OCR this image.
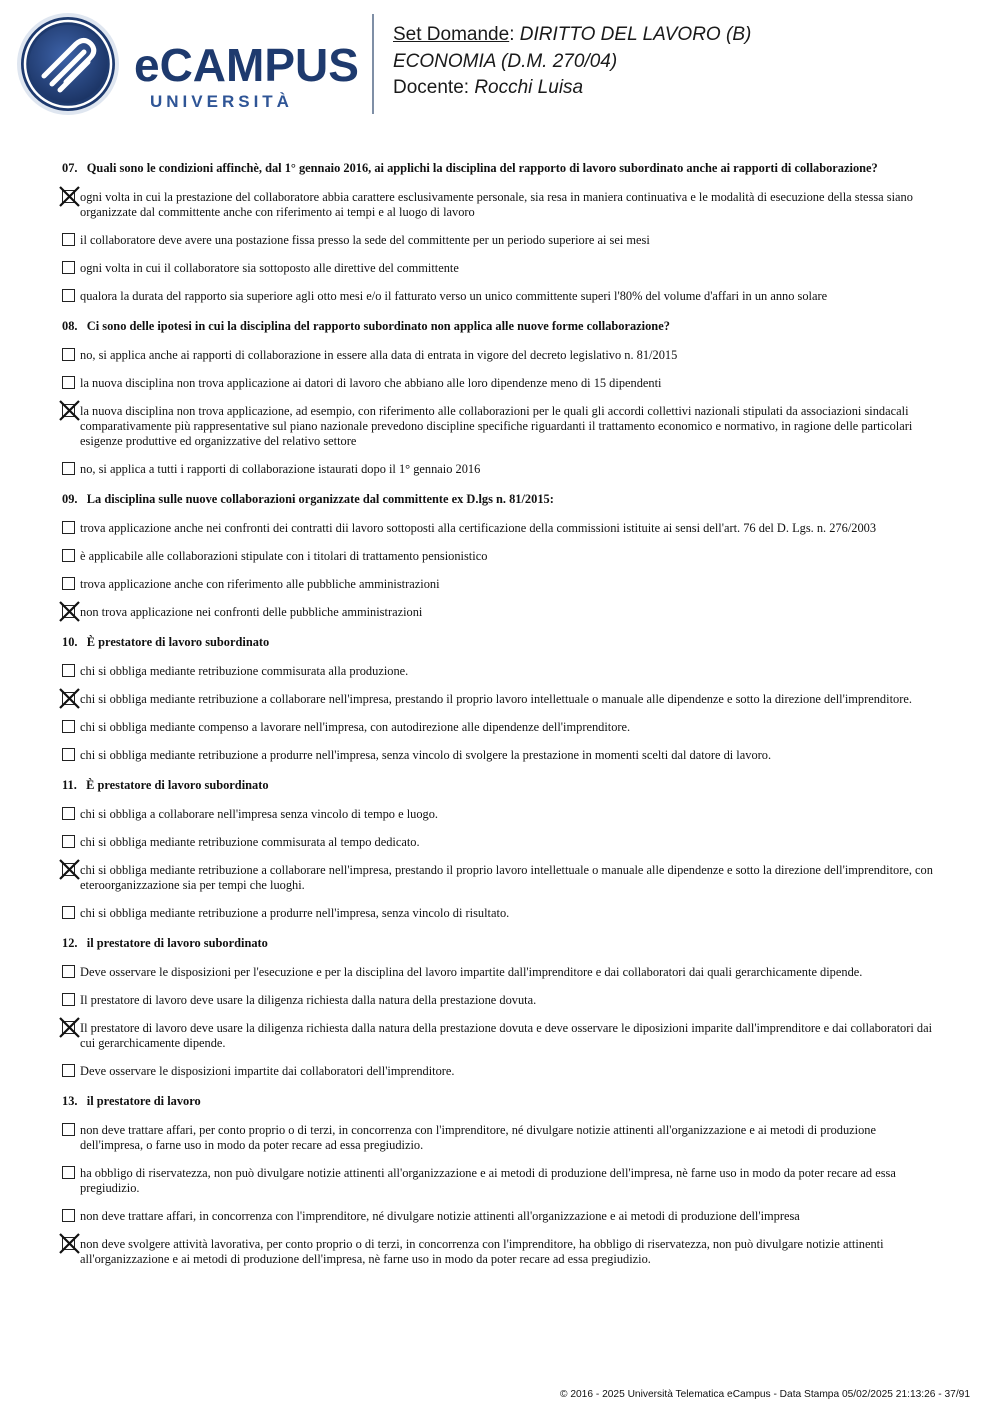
eCAMPUS
UNIVERSITÀ
Set Domande: DIRITTO DEL LAVORO (B)
ECONOMIA (D.M. 270/04)
Docente: Rocchi Luisa
07. Quali sono le condizioni affinchè, dal 1° gennaio 2016, ai applichi la disciplina del rapporto di lavoro subordinato anche ai rapporti di collaborazione?
ogni volta in cui la prestazione del collaboratore abbia carattere esclusivamente personale, sia resa in maniera continuativa e le modalità di esecuzione della stessa siano organizzate dal committente anche con riferimento ai tempi e al luogo di lavoro
il collaboratore deve avere una postazione fissa presso la sede del committente per un periodo superiore ai sei mesi
ogni volta in cui il collaboratore sia sottoposto alle direttive del committente
qualora la durata del rapporto sia superiore agli otto mesi e/o il fatturato verso un unico committente superi l'80% del volume d'affari in un anno solare
08. Ci sono delle ipotesi in cui la disciplina del rapporto subordinato non applica alle nuove forme collaborazione?
no, si applica anche ai rapporti di collaborazione in essere alla data di entrata in vigore del decreto legislativo n. 81/2015
la nuova disciplina non trova applicazione ai datori di lavoro che abbiano alle loro dipendenze meno di 15 dipendenti
la nuova disciplina non trova applicazione, ad esempio, con riferimento alle collaborazioni per le quali gli accordi collettivi nazionali stipulati da associazioni sindacali comparativamente più rappresentative sul piano nazionale prevedono discipline specifiche riguardanti il trattamento economico e normativo, in ragione delle particolari esigenze produttive ed organizzative del relativo settore
no, si applica a tutti i rapporti di collaborazione istaurati dopo il 1° gennaio 2016
09. La disciplina sulle nuove collaborazioni organizzate dal committente ex D.lgs n. 81/2015:
trova applicazione anche nei confronti dei contratti dii lavoro sottoposti alla certificazione della commissioni istituite ai sensi dell'art. 76 del D. Lgs. n. 276/2003
è applicabile alle collaborazioni stipulate con i titolari di trattamento pensionistico
trova applicazione anche con riferimento alle pubbliche amministrazioni
non trova applicazione nei confronti delle pubbliche amministrazioni
10. È prestatore di lavoro subordinato
chi si obbliga mediante retribuzione commisurata alla produzione.
chi si obbliga mediante retribuzione a collaborare nell'impresa, prestando il proprio lavoro intellettuale o manuale alle dipendenze e sotto la direzione dell'imprenditore.
chi si obbliga mediante compenso a lavorare nell'impresa, con autodirezione alle dipendenze dell'imprenditore.
chi si obbliga mediante retribuzione a produrre nell'impresa, senza vincolo di svolgere la prestazione in momenti scelti dal datore di lavoro.
11. È prestatore di lavoro subordinato
chi si obbliga a collaborare nell'impresa senza vincolo di tempo e luogo.
chi si obbliga mediante retribuzione commisurata al tempo dedicato.
chi si obbliga mediante retribuzione a collaborare nell'impresa, prestando il proprio lavoro intellettuale o manuale alle dipendenze e sotto la direzione dell'imprenditore, con eteroorganizzazione sia per tempi che luoghi.
chi si obbliga mediante retribuzione a produrre nell'impresa, senza vincolo di risultato.
12. il prestatore di lavoro subordinato
Deve osservare le disposizioni per l'esecuzione e per la disciplina del lavoro impartite dall'imprenditore e dai collaboratori dai quali gerarchicamente dipende.
Il prestatore di lavoro deve usare la diligenza richiesta dalla natura della prestazione dovuta.
Il prestatore di lavoro deve usare la diligenza richiesta dalla natura della prestazione dovuta e deve osservare le diposizioni imparite dall'imprenditore e dai collaboratori dai cui gerarchicamente dipende.
Deve osservare le disposizioni impartite dai collaboratori dell'imprenditore.
13. il prestatore di lavoro
non deve trattare affari, per conto proprio o di terzi, in concorrenza con l'imprenditore, né divulgare notizie attinenti all'organizzazione e ai metodi di produzione dell'impresa, o farne uso in modo da poter recare ad essa pregiudizio.
ha obbligo di riservatezza, non può divulgare notizie attinenti all'organizzazione e ai metodi di produzione dell'impresa, nè farne uso in modo da poter recare ad essa pregiudizio.
non deve trattare affari, in concorrenza con l'imprenditore, né divulgare notizie attinenti all'organizzazione e ai metodi di produzione dell'impresa
non deve svolgere attività lavorativa, per conto proprio o di terzi, in concorrenza con l'imprenditore, ha obbligo di riservatezza, non può divulgare notizie attinenti all'organizzazione e ai metodi di produzione dell'impresa, nè farne uso in modo da poter recare ad essa pregiudizio.
© 2016 - 2025 Università Telematica eCampus - Data Stampa 05/02/2025 21:13:26 - 37/91
